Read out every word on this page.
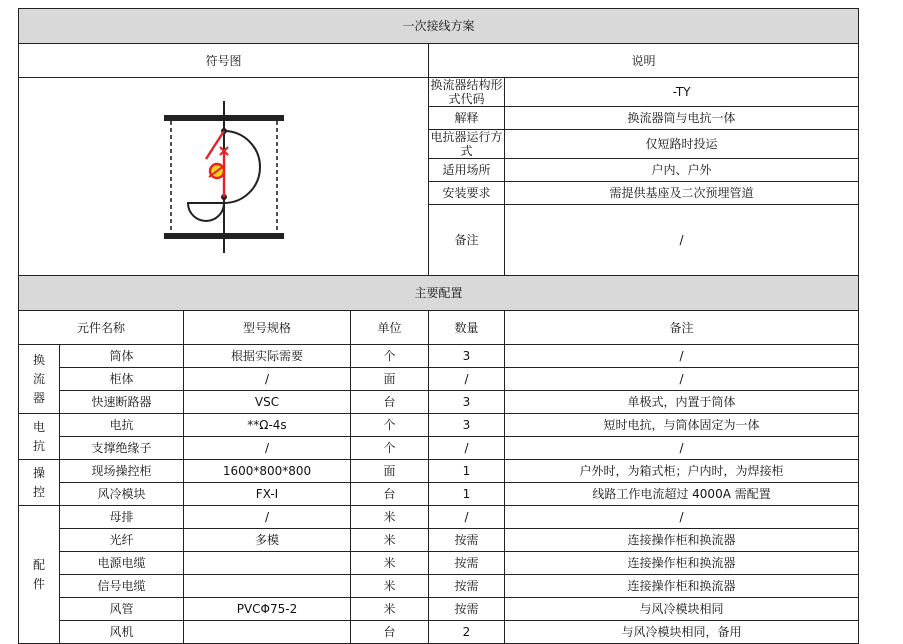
一次接线方案					
符号图				说明	

	换流器结构形式代码	-TY
				解释	换流器筒与电抗一体
				电抗器运行方式	仅短路时投运
				适用场所	户内、户外
				安装要求	需提供基座及二次预埋管道
				备注	/
主要配置					
元件名称		型号规格	单位	数量	备注

换
流
器	筒体	根据实际需要	个	3	/
	柜体	/	面	/	/
	快速断路器	VSC	台	3	单极式，内置于筒体

电
抗	电抗	**Ω-4s	个	3	短时电抗，与筒体固定为一体
	支撑绝缘子	/	个	/	/

操
控	现场操控柜	1600*800*800	面	1	户外时，为箱式柜；户内时，为焊接柜
	风冷模块	FX-I	台	1	线路工作电流超过 4000A 需配置

配
件	母排	/	米	/	/
	光纤	多模	米	按需	连接操作柜和换流器
	电源电缆		米	按需	连接操作柜和换流器
	信号电缆		米	按需	连接操作柜和换流器
	风管	PVCΦ75-2	米	按需	与风冷模块相同
	风机		台	2	与风冷模块相同，备用
